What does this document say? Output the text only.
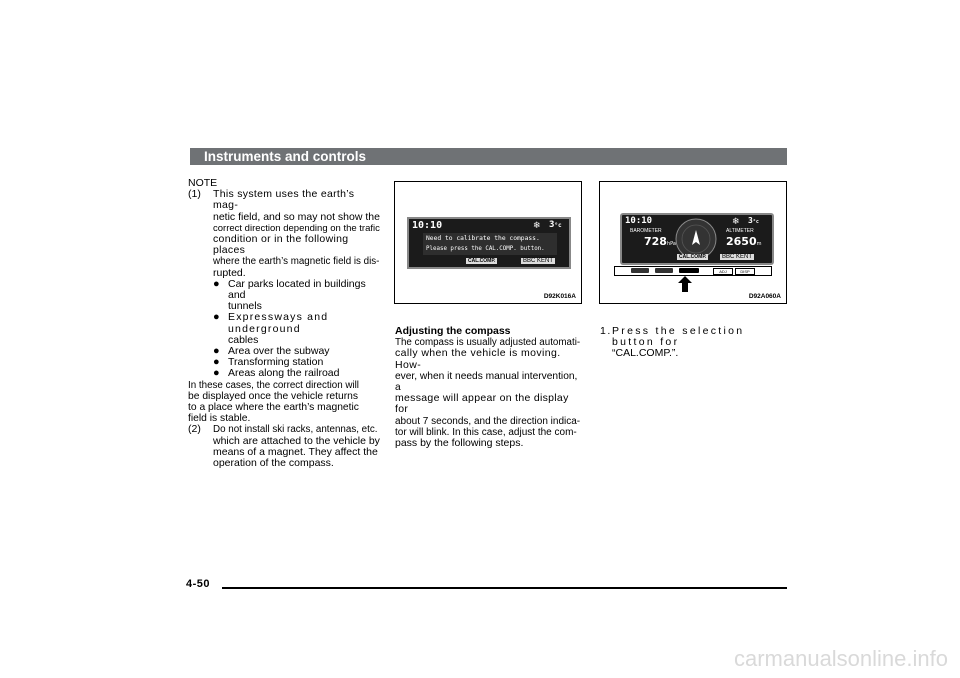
Instruments and controls
NOTE
(1) This system uses the earth’s mag-
netic field, and so may not show the
correct direction depending on the trafic
condition or in the following places
where the earth’s magnetic field is dis-
rupted.
● Car parks located in buildings and
tunnels
● Expressways and underground
cables
● Area over the subway
● Transforming station
● Areas along the railroad
In these cases, the correct direction will
be displayed once the vehicle returns
to a place where the earth’s magnetic
field is stable.
(2) Do not install ski racks, antennas, etc.
which are attached to the vehicle by
means of a magnet. They affect the
operation of the compass.
10:10	❄ 3°c
Need to calibrate the compass.
Please press the CAL.COMP. button.
CAL.COMP.	BBC KENT
D92K016A
10:10	❄ 3°c
BAROMETER
728hPa
ALTIMETER
2650m
CAL.COMP.	BBC KENT
ADJ	DISP
D92A060A
Adjusting the compass
The compass is usually adjusted automati-
cally when the vehicle is moving. How-
ever, when it needs manual intervention, a
message will appear on the display for
about 7 seconds, and the direction indica-
tor will blink. In this case, adjust the com-
pass by the following steps.
1. Press the selection button for
“CAL.COMP.”.
4-50
carmanualsonline.info
